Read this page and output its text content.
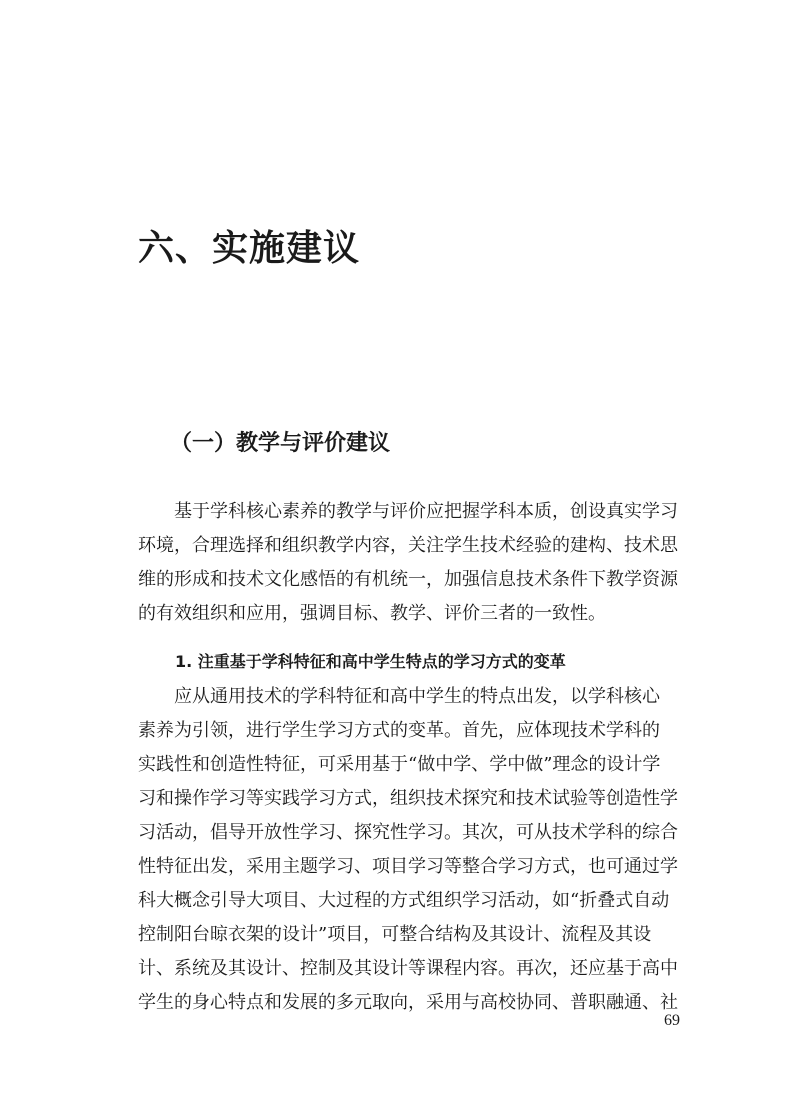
六、实施建议
（一）教学与评价建议
基于学科核心素养的教学与评价应把握学科本质，创设真实学习
环境，合理选择和组织教学内容，关注学生技术经验的建构、技术思
维的形成和技术文化感悟的有机统一，加强信息技术条件下教学资源
的有效组织和应用，强调目标、教学、评价三者的一致性。
1. 注重基于学科特征和高中学生特点的学习方式的变革
应从通用技术的学科特征和高中学生的特点出发，以学科核心
素养为引领，进行学生学习方式的变革。首先，应体现技术学科的
实践性和创造性特征，可采用基于“做中学、学中做”理念的设计学
习和操作学习等实践学习方式，组织技术探究和技术试验等创造性学
习活动，倡导开放性学习、探究性学习。其次，可从技术学科的综合
性特征出发，采用主题学习、项目学习等整合学习方式，也可通过学
科大概念引导大项目、大过程的方式组织学习活动，如“折叠式自动
控制阳台晾衣架的设计”项目，可整合结构及其设计、流程及其设
计、系统及其设计、控制及其设计等课程内容。再次，还应基于高中
学生的身心特点和发展的多元取向，采用与高校协同、普职融通、社
69
